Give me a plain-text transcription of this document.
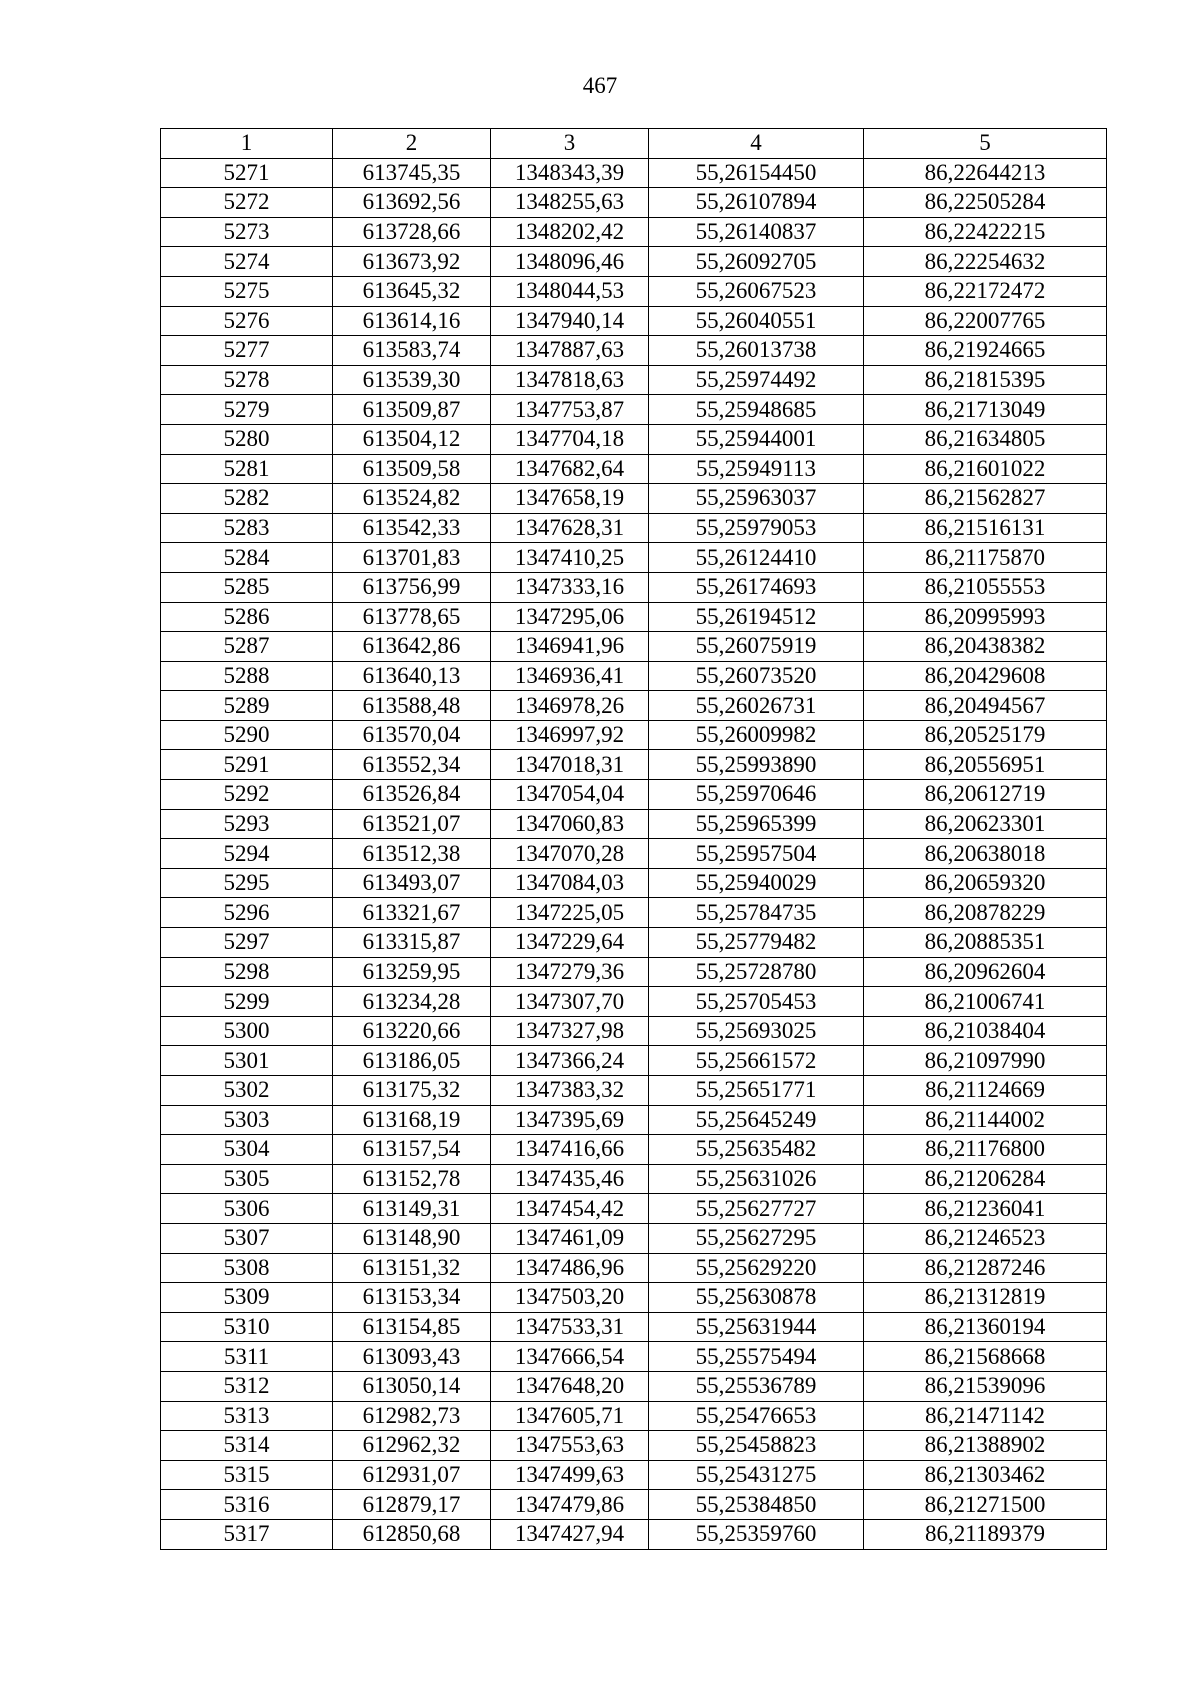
467
1	2	3	4	5
5271	613745,35	1348343,39	55,26154450	86,22644213
5272	613692,56	1348255,63	55,26107894	86,22505284
5273	613728,66	1348202,42	55,26140837	86,22422215
5274	613673,92	1348096,46	55,26092705	86,22254632
5275	613645,32	1348044,53	55,26067523	86,22172472
5276	613614,16	1347940,14	55,26040551	86,22007765
5277	613583,74	1347887,63	55,26013738	86,21924665
5278	613539,30	1347818,63	55,25974492	86,21815395
5279	613509,87	1347753,87	55,25948685	86,21713049
5280	613504,12	1347704,18	55,25944001	86,21634805
5281	613509,58	1347682,64	55,25949113	86,21601022
5282	613524,82	1347658,19	55,25963037	86,21562827
5283	613542,33	1347628,31	55,25979053	86,21516131
5284	613701,83	1347410,25	55,26124410	86,21175870
5285	613756,99	1347333,16	55,26174693	86,21055553
5286	613778,65	1347295,06	55,26194512	86,20995993
5287	613642,86	1346941,96	55,26075919	86,20438382
5288	613640,13	1346936,41	55,26073520	86,20429608
5289	613588,48	1346978,26	55,26026731	86,20494567
5290	613570,04	1346997,92	55,26009982	86,20525179
5291	613552,34	1347018,31	55,25993890	86,20556951
5292	613526,84	1347054,04	55,25970646	86,20612719
5293	613521,07	1347060,83	55,25965399	86,20623301
5294	613512,38	1347070,28	55,25957504	86,20638018
5295	613493,07	1347084,03	55,25940029	86,20659320
5296	613321,67	1347225,05	55,25784735	86,20878229
5297	613315,87	1347229,64	55,25779482	86,20885351
5298	613259,95	1347279,36	55,25728780	86,20962604
5299	613234,28	1347307,70	55,25705453	86,21006741
5300	613220,66	1347327,98	55,25693025	86,21038404
5301	613186,05	1347366,24	55,25661572	86,21097990
5302	613175,32	1347383,32	55,25651771	86,21124669
5303	613168,19	1347395,69	55,25645249	86,21144002
5304	613157,54	1347416,66	55,25635482	86,21176800
5305	613152,78	1347435,46	55,25631026	86,21206284
5306	613149,31	1347454,42	55,25627727	86,21236041
5307	613148,90	1347461,09	55,25627295	86,21246523
5308	613151,32	1347486,96	55,25629220	86,21287246
5309	613153,34	1347503,20	55,25630878	86,21312819
5310	613154,85	1347533,31	55,25631944	86,21360194
5311	613093,43	1347666,54	55,25575494	86,21568668
5312	613050,14	1347648,20	55,25536789	86,21539096
5313	612982,73	1347605,71	55,25476653	86,21471142
5314	612962,32	1347553,63	55,25458823	86,21388902
5315	612931,07	1347499,63	55,25431275	86,21303462
5316	612879,17	1347479,86	55,25384850	86,21271500
5317	612850,68	1347427,94	55,25359760	86,21189379
